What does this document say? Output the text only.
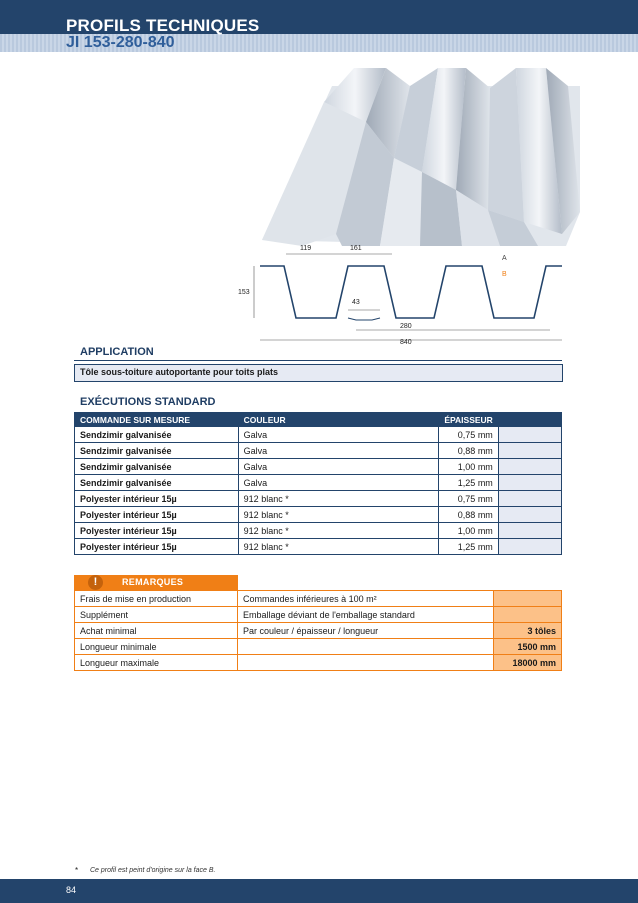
PROFILS TECHNIQUES
JI 153-280-840
119	161
153
43
280
840
A
B
APPLICATION
Tôle sous-toiture autoportante pour toits plats
EXÉCUTIONS STANDARD
COMMANDE SUR MESURE	COULEUR	ÉPAISSEUR	
Sendzimir galvanisée	Galva	0,75 mm	
Sendzimir galvanisée	Galva	0,88 mm	
Sendzimir galvanisée	Galva	1,00 mm	
Sendzimir galvanisée	Galva	1,25 mm	
Polyester intérieur 15µ	912 blanc *	0,75 mm	
Polyester intérieur 15µ	912 blanc *	0,88 mm	
Polyester intérieur 15µ	912 blanc *	1,00 mm	
Polyester intérieur 15µ	912 blanc *	1,25 mm	
!	REMARQUES
Frais de mise en production	Commandes inférieures à 100 m²	
Supplément	Emballage déviant de l'emballage standard	
Achat minimal	Par couleur / épaisseur / longueur	3 tôles
Longueur minimale		1500 mm
Longueur maximale		18000 mm
* Ce profil est peint d'origine sur la face B.
84
